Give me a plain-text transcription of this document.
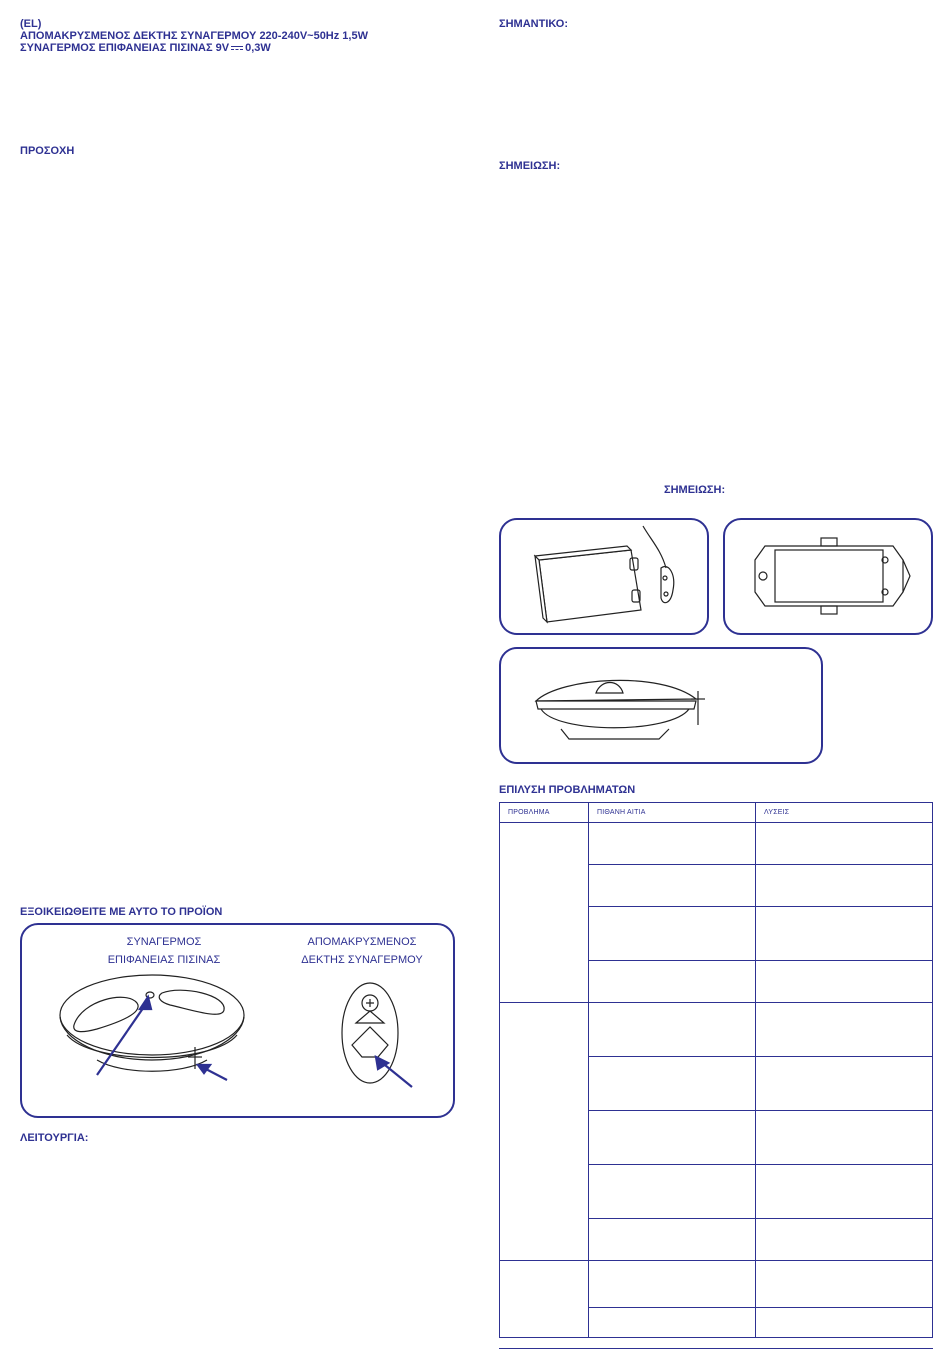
(EL)
ΑΠΟΜΑΚΡΥΣΜΕΝΟΣ ΔΕΚΤΗΣ ΣΥΝΑΓΕΡΜΟΥ 220-240V~50Hz 1,5W
ΣΥΝΑΓΕΡΜΟΣ ΕΠΙΦΑΝΕΙΑΣ ΠΙΣΙΝΑΣ 9V 0,3W
ΠΡΟΣΟΧΗ
ΣΗΜΑΝΤΙΚΟ:
ΣΗΜΕΙΩΣΗ:
ΣΗΜΕΙΩΣΗ:
ΕΞΟΙΚΕΙΩΘΕΙΤΕ ΜΕ ΑΥΤΟ ΤΟ ΠΡΟΪΟΝ
ΣΥΝΑΓΕΡΜΟΣ
ΕΠΙΦΑΝΕΙΑΣ ΠΙΣΙΝΑΣ
ΑΠΟΜΑΚΡΥΣΜΕΝΟΣ
ΔΕΚΤΗΣ ΣΥΝΑΓΕΡΜΟΥ
ΛΕΙΤΟΥΡΓΙΑ:
ΕΠΙΛΥΣΗ ΠΡΟΒΛΗΜΑΤΩΝ
ΠΡΟΒΛΗΜΑ	ΠΙΘΑΝΗ ΑΙΤΙΑ	ΛΥΣΕΙΣ
